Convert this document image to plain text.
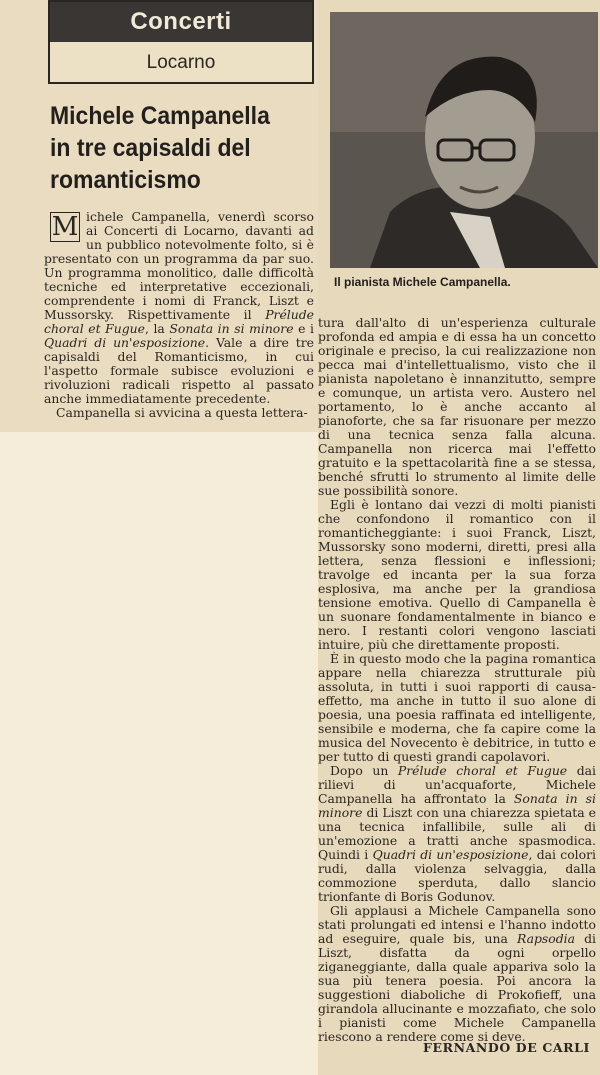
Concerti
Locarno
Michele Campanella in tre capisaldi del romanticismo

M ichele Campanella, venerdì scorso ai Concerti di Locarno, davanti ad un pubblico notevolmente folto, si è presentato con un programma da par suo. Un programma monolitico, dalle difficoltà tecniche ed interpretative eccezionali, comprendente i nomi di Franck, Liszt e Mussorsky. Rispettivamente il Prélude choral et Fugue, la Sonata in si minore e i Quadri di un'esposizione. Vale a dire tre capisaldi del Romanticismo, in cui l'aspetto formale subisce evoluzioni e rivoluzioni radicali rispetto al passato anche immediatamente precedente.

Campanella si avvicina a questa lettera-

Il pianista Michele Campanella.

tura dall'alto di un'esperienza culturale profonda ed ampia e di essa ha un concetto originale e preciso, la cui realizzazione non pecca mai d'intellettualismo, visto che il pianista napoletano è innanzitutto, sempre e comunque, un artista vero. Austero nel portamento, lo è anche accanto al pianoforte, che sa far risuonare per mezzo di una tecnica senza falla alcuna. Campanella non ricerca mai l'effetto gratuito e la spettacolarità fine a se stessa, benché sfrutti lo strumento al limite delle sue possibilità sonore.

Egli è lontano dai vezzi di molti pianisti che confondono il romantico con il romanticheggiante: i suoi Franck, Liszt, Mussorsky sono moderni, diretti, presi alla lettera, senza flessioni e inflessioni; travolge ed incanta per la sua forza esplosiva, ma anche per la grandiosa tensione emotiva. Quello di Campanella è un suonare fondamentalmente in bianco e nero. I restanti colori vengono lasciati intuire, più che direttamente proposti.

È in questo modo che la pagina romantica appare nella chiarezza strutturale più assoluta, in tutti i suoi rapporti di causa-effetto, ma anche in tutto il suo alone di poesia, una poesia raffinata ed intelligente, sensibile e moderna, che fa capire come la musica del Novecento è debitrice, in tutto e per tutto di questi grandi capolavori.

Dopo un Prélude choral et Fugue dai rilievi di un'acquaforte, Michele Campanella ha affrontato la Sonata in si minore di Liszt con una chiarezza spietata e una tecnica infallibile, sulle ali di un'emozione a tratti anche spasmodica. Quindi i Quadri di un'esposizione, dai colori rudi, dalla violenza selvaggia, dalla commozione sperduta, dallo slancio trionfante di Boris Godunov.

Gli applausi a Michele Campanella sono stati prolungati ed intensi e l'hanno indotto ad eseguire, quale bis, una Rapsodia di Liszt, disfatta da ogni orpello ziganeggiante, dalla quale appariva solo la sua più tenera poesia. Poi ancora la suggestioni diaboliche di Prokofieff, una girandola allucinante e mozzafiato, che solo i pianisti come Michele Campanella riescono a rendere come si deve.

FERNANDO DE CARLI
